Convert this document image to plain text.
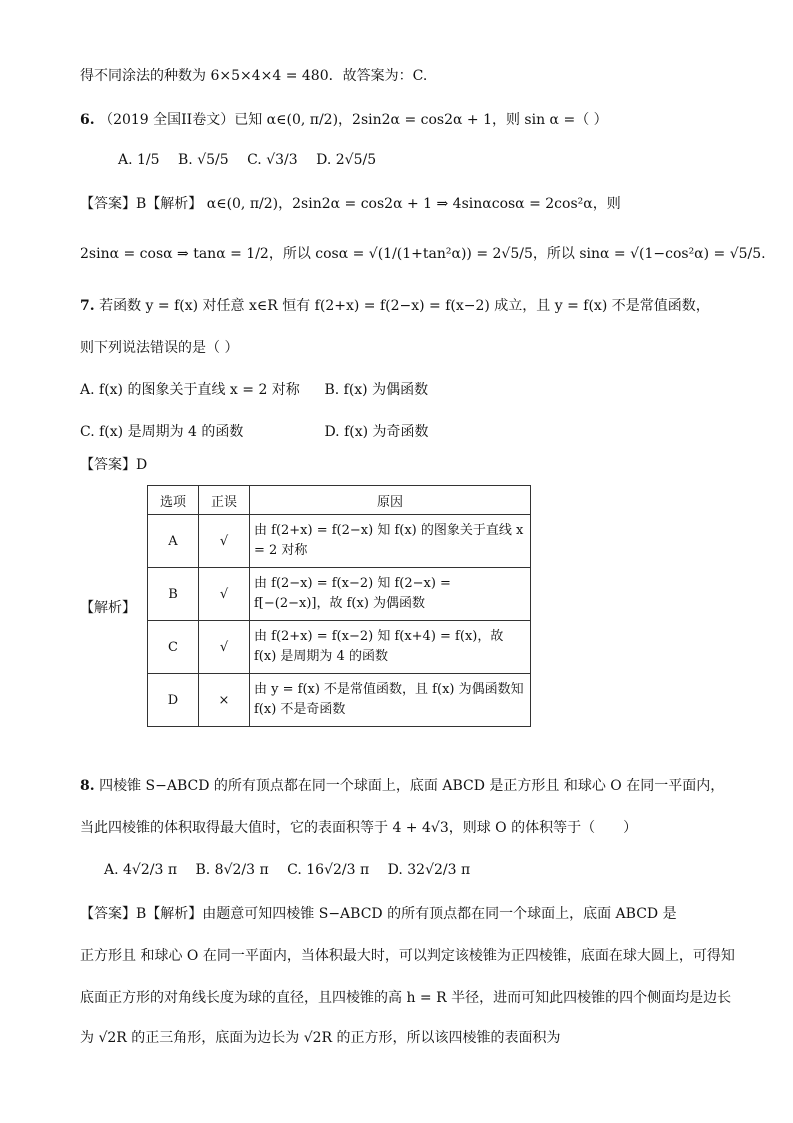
得不同涂法的种数为 6×5×4×4 = 480．故答案为：C.
6. （2019 全国II卷文）已知 α∈(0, π/2)，2sin2α = cos2α + 1，则 sin α =（ ）
A. 1/5 B. √5/5 C. √3/3 D. 2√5/5
【答案】B【解析】 α∈(0, π/2)，2sin2α = cos2α + 1 ⇒ 4sinαcosα = 2cos²α，则
2sinα = cosα ⇒ tanα = 1/2，所以 cosα = √(1/(1+tan²α)) = 2√5/5，所以 sinα = √(1−cos²α) = √5/5.
7. 若函数 y = f(x) 对任意 x∈R 恒有 f(2+x) = f(2−x) = f(x−2) 成立，且 y = f(x) 不是常值函数，
则下列说法错误的是（ ）
A. f(x) 的图象关于直线 x = 2 对称 B. f(x) 为偶函数
C. f(x) 是周期为 4 的函数	D. f(x) 为奇函数
【答案】D
【解析】
选项	正误	原因
A	√	由 f(2+x) = f(2−x) 知 f(x) 的图象关于直线 x = 2 对称
B	√	由 f(2−x) = f(x−2) 知 f(2−x) = f[−(2−x)]，故 f(x) 为偶函数
C	√	由 f(2+x) = f(x−2) 知 f(x+4) = f(x)，故 f(x) 是周期为 4 的函数
D	×	由 y = f(x) 不是常值函数，且 f(x) 为偶函数知 f(x) 不是奇函数
8. 四棱锥 S−ABCD 的所有顶点都在同一个球面上，底面 ABCD 是正方形且 和球心 O 在同一平面内，
当此四棱锥的体积取得最大值时，它的表面积等于 4 + 4√3，则球 O 的体积等于（　　）
A. 4√2/3 π B. 8√2/3 π C. 16√2/3 π D. 32√2/3 π
【答案】B【解析】由题意可知四棱锥 S−ABCD 的所有顶点都在同一个球面上，底面 ABCD 是
正方形且 和球心 O 在同一平面内，当体积最大时，可以判定该棱锥为正四棱锥，底面在球大圆上，可得知
底面正方形的对角线长度为球的直径，且四棱锥的高 h = R 半径，进而可知此四棱锥的四个侧面均是边长
为 √2R 的正三角形，底面为边长为 √2R 的正方形，所以该四棱锥的表面积为
